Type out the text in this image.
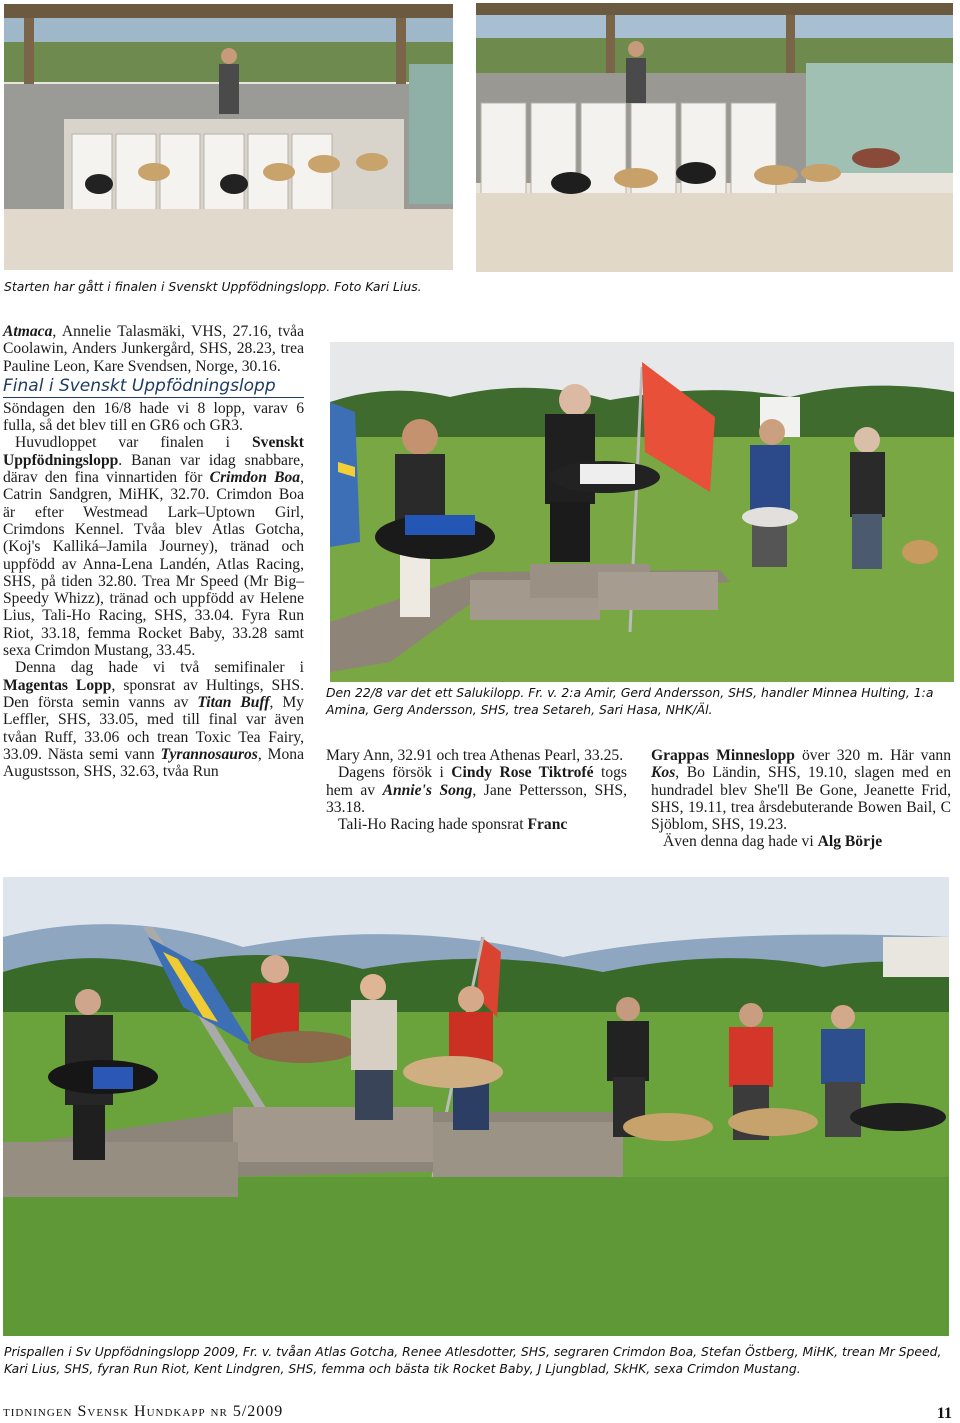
Starten har gått i finalen i Svenskt Uppfödningslopp. Foto Kari Lius.

Atmaca, Annelie Talasmäki, VHS, 27.16, tvåa Coolawin, Anders Junkergård, SHS, 28.23, trea Pauline Leon, Kare Svendsen, Norge, 30.16.

Final i Svenskt Uppfödningslopp

Söndagen den 16/8 hade vi 8 lopp, varav 6 fulla, så det blev till en GR6 och GR3.

Huvudloppet var finalen i Svenskt Uppfödningslopp. Banan var idag snabbare, därav den fina vinnartiden för Crimdon Boa, Catrin Sandgren, MiHK, 32.70. Crimdon Boa är efter Westmead Lark–Uptown Girl, Crimdons Kennel. Tvåa blev Atlas Gotcha, (Koj's Kalliká–Jamila Journey), tränad och uppfödd av Anna-Lena Landén, Atlas Racing, SHS, på tiden 32.80. Trea Mr Speed (Mr Big–Speedy Whizz), tränad och uppfödd av Helene Lius, Tali-Ho Racing, SHS, 33.04. Fyra Run Riot, 33.18, femma Rocket Baby, 33.28 samt sexa Crimdon Mustang, 33.45.

Denna dag hade vi två semifinaler i Magentas Lopp, sponsrat av Hultings, SHS. Den första semin vanns av Titan Buff, My Leffler, SHS, 33.05, med till final var även tvåan Ruff, 33.06 och trean Toxic Tea Fairy, 33.09. Nästa semi vann Tyrannosauros, Mona Augustsson, SHS, 32.63, tvåa Run

Den 22/8 var det ett Salukilopp. Fr. v. 2:a Amir, Gerd Andersson, SHS, handler Minnea Hulting, 1:a Amina, Gerg Andersson, SHS, trea Setareh, Sari Hasa, NHK/Äl.

Mary Ann, 32.91 och trea Athenas Pearl, 33.25.

Dagens försök i Cindy Rose Tiktrofé togs hem av Annie's Song, Jane Pettersson, SHS, 33.18.

Tali-Ho Racing hade sponsrat Franc

Grappas Minneslopp över 320 m. Här vann Kos, Bo Ländin, SHS, 19.10, slagen med en hundradel blev She'll Be Gone, Jeanette Frid, SHS, 19.11, trea årsdebuterande Bowen Bail, C Sjöblom, SHS, 19.23.

Även denna dag hade vi Alg Börje

Prispallen i Sv Uppfödningslopp 2009, Fr. v. tvåan Atlas Gotcha, Renee Atlesdotter, SHS, segraren Crimdon Boa, Stefan Östberg, MiHK, trean Mr Speed, Kari Lius, SHS, fyran Run Riot, Kent Lindgren, SHS, femma och bästa tik Rocket Baby, J Ljungblad, SkHK, sexa Crimdon Mustang.
tidningen Svensk Hundkapp nr 5/2009	11
